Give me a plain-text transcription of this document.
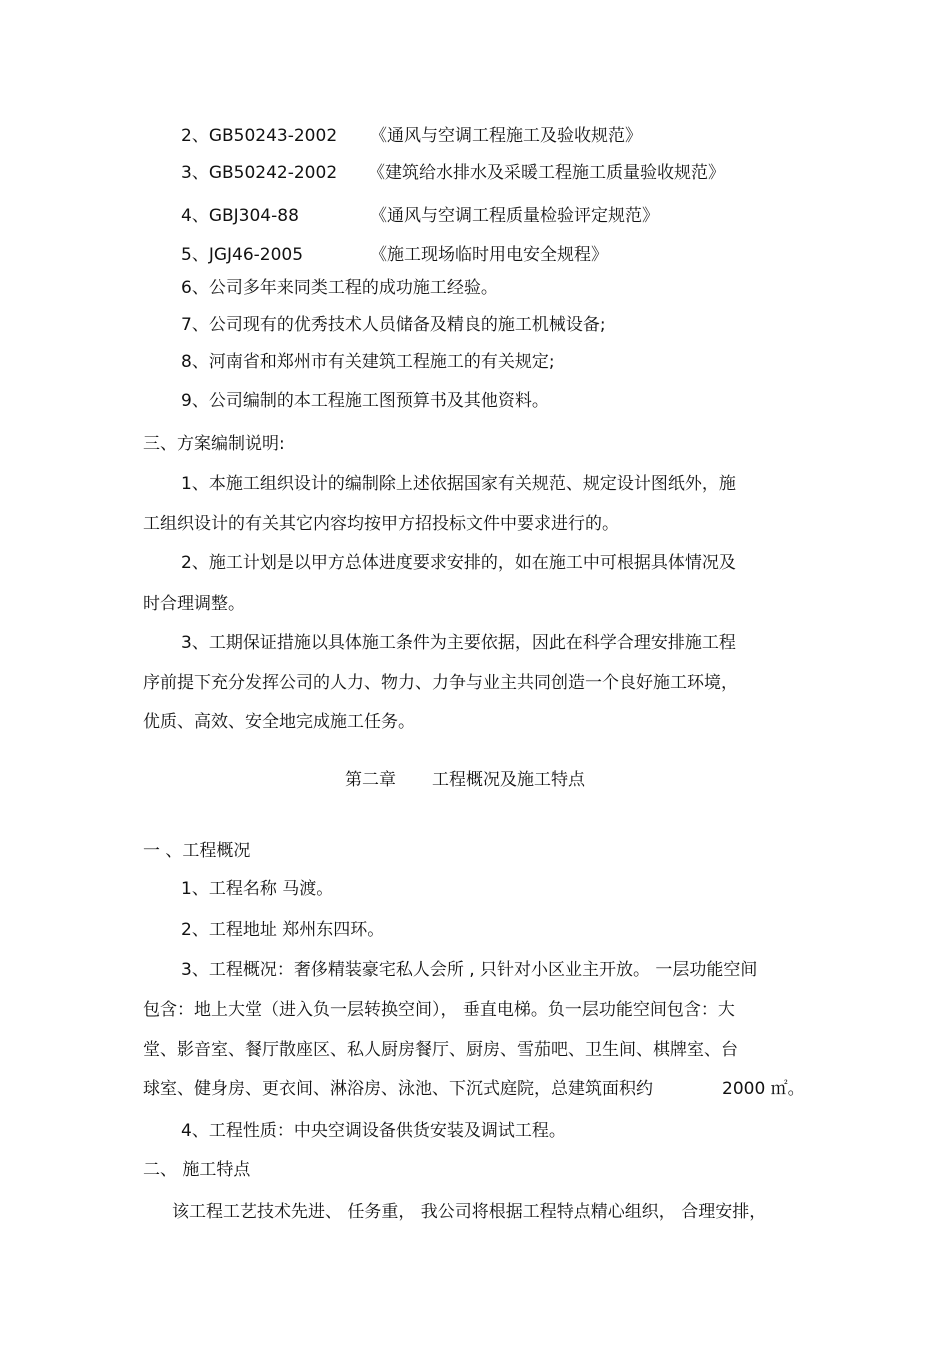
2、GB50243-2002 《通风与空调工程施工及验收规范》
3、GB50242-2002 《建筑给水排水及采暖工程施工质量验收规范》
4、GBJ304-88	《通风与空调工程质量检验评定规范》
5、JGJ46-2005	《施工现场临时用电安全规程》
6、公司多年来同类工程的成功施工经验。
7、公司现有的优秀技术人员储备及精良的施工机械设备;
8、河南省和郑州市有关建筑工程施工的有关规定;
9、公司编制的本工程施工图预算书及其他资料。
三、方案编制说明:
1、本施工组织设计的编制除上述依据国家有关规范、规定设计图纸外，施
工组织设计的有关其它内容均按甲方招投标文件中要求进行的。
2、施工计划是以甲方总体进度要求安排的，如在施工中可根据具体情况及
时合理调整。
3、工期保证措施以具体施工条件为主要依据，因此在科学合理安排施工程
序前提下充分发挥公司的人力、物力、力争与业主共同创造一个良好施工环境，
优质、高效、安全地完成施工任务。
第二章 工程概况及施工特点
一 、工程概况
1、工程名称 马渡。
2、工程地址 郑州东四环。
3、工程概况：奢侈精装豪宅私人会所 , 只针对小区业主开放。 一层功能空间
包含：地上大堂（进入负一层转换空间）， 垂直电梯。负一层功能空间包含：大
堂、影音室、餐厅散座区、私人厨房餐厅、厨房、雪茄吧、卫生间、棋牌室、台
球室、健身房、更衣间、淋浴房、泳池、下沉式庭院，总建筑面积约	2000 ㎡。
4、工程性质：中央空调设备供货安装及调试工程。
二、 施工特点
该工程工艺技术先进、 任务重， 我公司将根据工程特点精心组织， 合理安排，
